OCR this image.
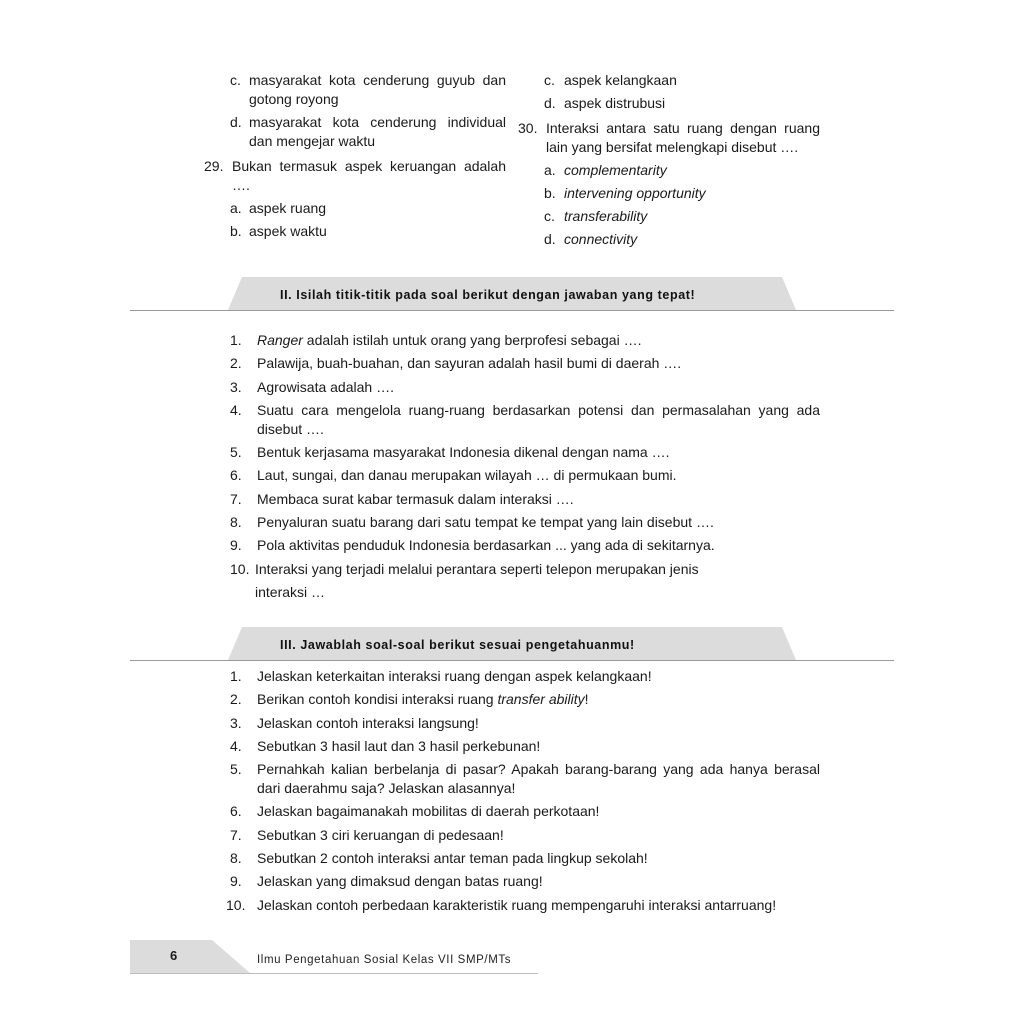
c. masyarakat kota cenderung guyub dan gotong royong
d. masyarakat kota cenderung individual dan mengejar waktu
29. Bukan termasuk aspek keruangan adalah ….
a. aspek ruang
b. aspek waktu
c. aspek kelangkaan
d. aspek distrubusi
30. Interaksi antara satu ruang dengan ruang lain yang bersifat melengkapi disebut ….
a. complementarity
b. intervening opportunity
c. transferability
d. connectivity
II. Isilah titik-titik pada soal berikut dengan jawaban yang tepat!
1. Ranger adalah istilah untuk orang yang berprofesi sebagai ….
2. Palawija, buah-buahan, dan sayuran adalah hasil bumi di daerah ….
3. Agrowisata adalah ….
4. Suatu cara mengelola ruang-ruang berdasarkan potensi dan permasalahan yang ada disebut ….
5. Bentuk kerjasama masyarakat Indonesia dikenal dengan nama ….
6. Laut, sungai, dan danau merupakan wilayah … di permukaan bumi.
7. Membaca surat kabar termasuk dalam interaksi ….
8. Penyaluran suatu barang dari satu tempat ke tempat yang lain disebut ….
9. Pola aktivitas penduduk Indonesia berdasarkan ... yang ada di sekitarnya.
10. Interaksi yang terjadi melalui perantara seperti telepon merupakan jenis
interaksi …
III. Jawablah soal-soal berikut sesuai pengetahuanmu!
1. Jelaskan keterkaitan interaksi ruang dengan aspek kelangkaan!
2. Berikan contoh kondisi interaksi ruang transfer ability!
3. Jelaskan contoh interaksi langsung!
4. Sebutkan 3 hasil laut dan 3 hasil perkebunan!
5. Pernahkah kalian berbelanja di pasar? Apakah barang-barang yang ada hanya berasal dari daerahmu saja? Jelaskan alasannya!
6. Jelaskan bagaimanakah mobilitas di daerah perkotaan!
7. Sebutkan 3 ciri keruangan di pedesaan!
8. Sebutkan 2 contoh interaksi antar teman pada lingkup sekolah!
9. Jelaskan yang dimaksud dengan batas ruang!
10. Jelaskan contoh perbedaan karakteristik ruang mempengaruhi interaksi antarruang!
6	Ilmu Pengetahuan Sosial Kelas VII SMP/MTs
